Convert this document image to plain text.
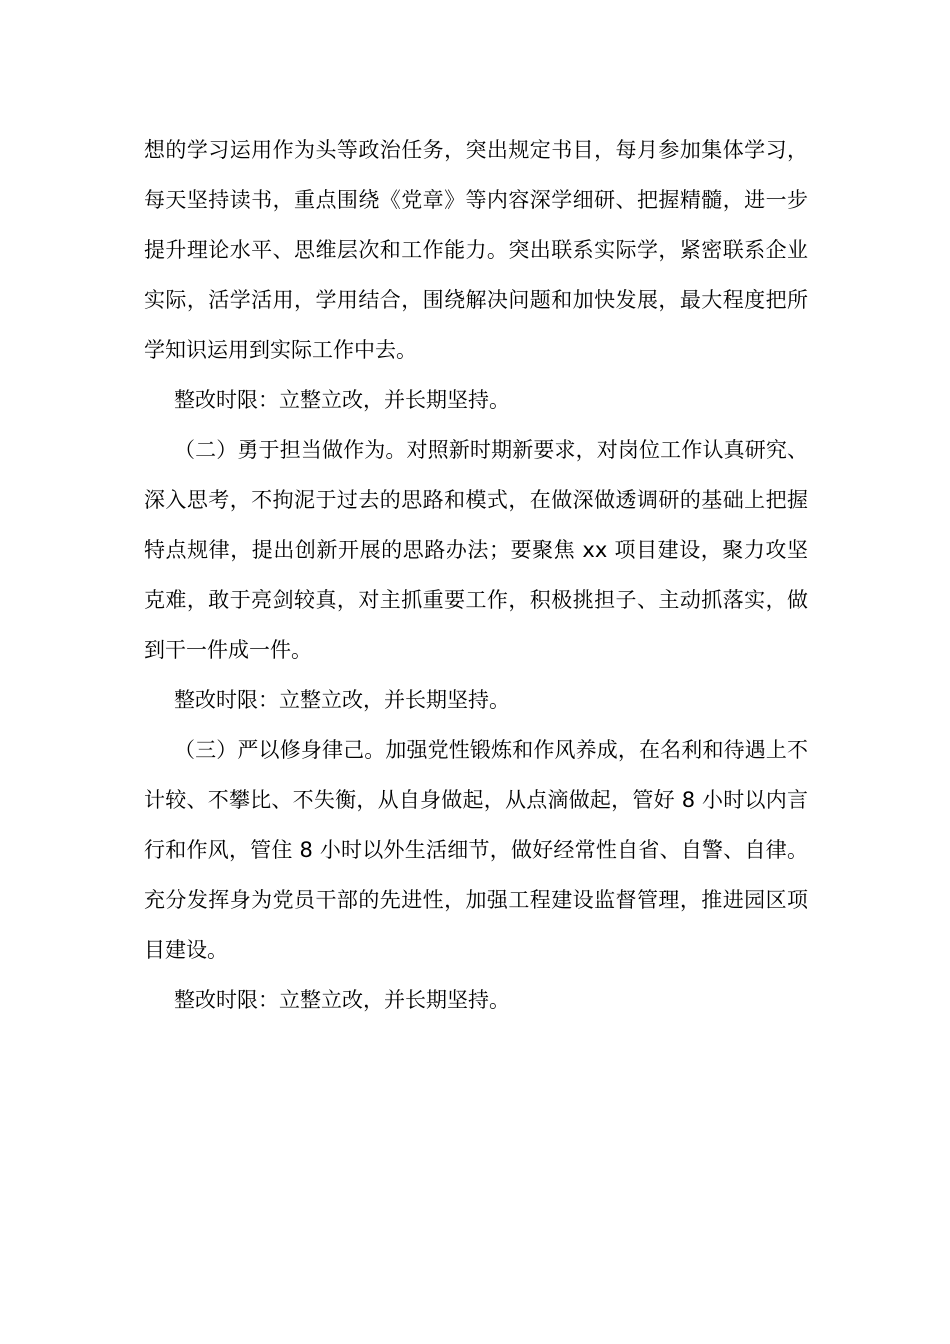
想的学习运用作为头等政治任务，突出规定书目，每月参加集体学习，每天坚持读书，重点围绕《党章》等内容深学细研、把握精髓，进一步提升理论水平、思维层次和工作能力。突出联系实际学，紧密联系企业实际，活学活用，学用结合，围绕解决问题和加快发展，最大程度把所学知识运用到实际工作中去。

整改时限：立整立改，并长期坚持。

（二）勇于担当做作为。对照新时期新要求，对岗位工作认真研究、深入思考，不拘泥于过去的思路和模式，在做深做透调研的基础上把握特点规律，提出创新开展的思路办法；要聚焦 xx 项目建设，聚力攻坚克难，敢于亮剑较真，对主抓重要工作，积极挑担子、主动抓落实，做到干一件成一件。

整改时限：立整立改，并长期坚持。

（三）严以修身律己。加强党性锻炼和作风养成，在名利和待遇上不计较、不攀比、不失衡，从自身做起，从点滴做起，管好 8 小时以内言行和作风，管住 8 小时以外生活细节，做好经常性自省、自警、自律。充分发挥身为党员干部的先进性，加强工程建设监督管理，推进园区项目建设。

整改时限：立整立改，并长期坚持。
